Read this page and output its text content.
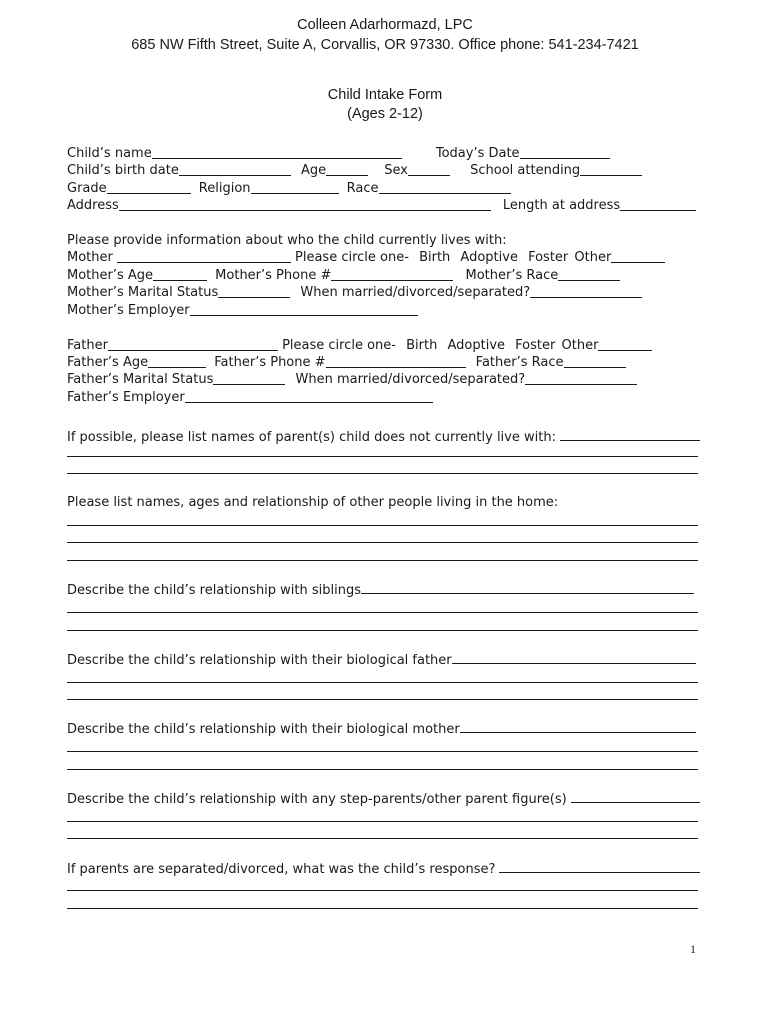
Colleen Adarhormazd, LPC
685 NW Fifth Street, Suite A, Corvallis, OR 97330. Office phone: 541-234-7421
Child Intake Form
(Ages 2-12)
Child’s name	Today’s Date
Child’s birth date	Age	Sex	School attending
Grade	Religion	Race
Address	Length at address
Please provide information about who the child currently lives with:
Mother	Please circle one- Birth Adoptive Foster Other
Mother’s Age	Mother’s Phone #	Mother’s Race
Mother’s Marital Status	When married/divorced/separated?
Mother’s Employer
Father	Please circle one- Birth Adoptive Foster Other
Father’s Age	Father’s Phone #	Father’s Race
Father’s Marital Status	When married/divorced/separated?
Father’s Employer
If possible, please list names of parent(s) child does not currently live with:
Please list names, ages and relationship of other people living in the home:
Describe the child’s relationship with siblings
Describe the child’s relationship with their biological father
Describe the child’s relationship with their biological mother
Describe the child’s relationship with any step-parents/other parent figure(s)
If parents are separated/divorced, what was the child’s response?
1
